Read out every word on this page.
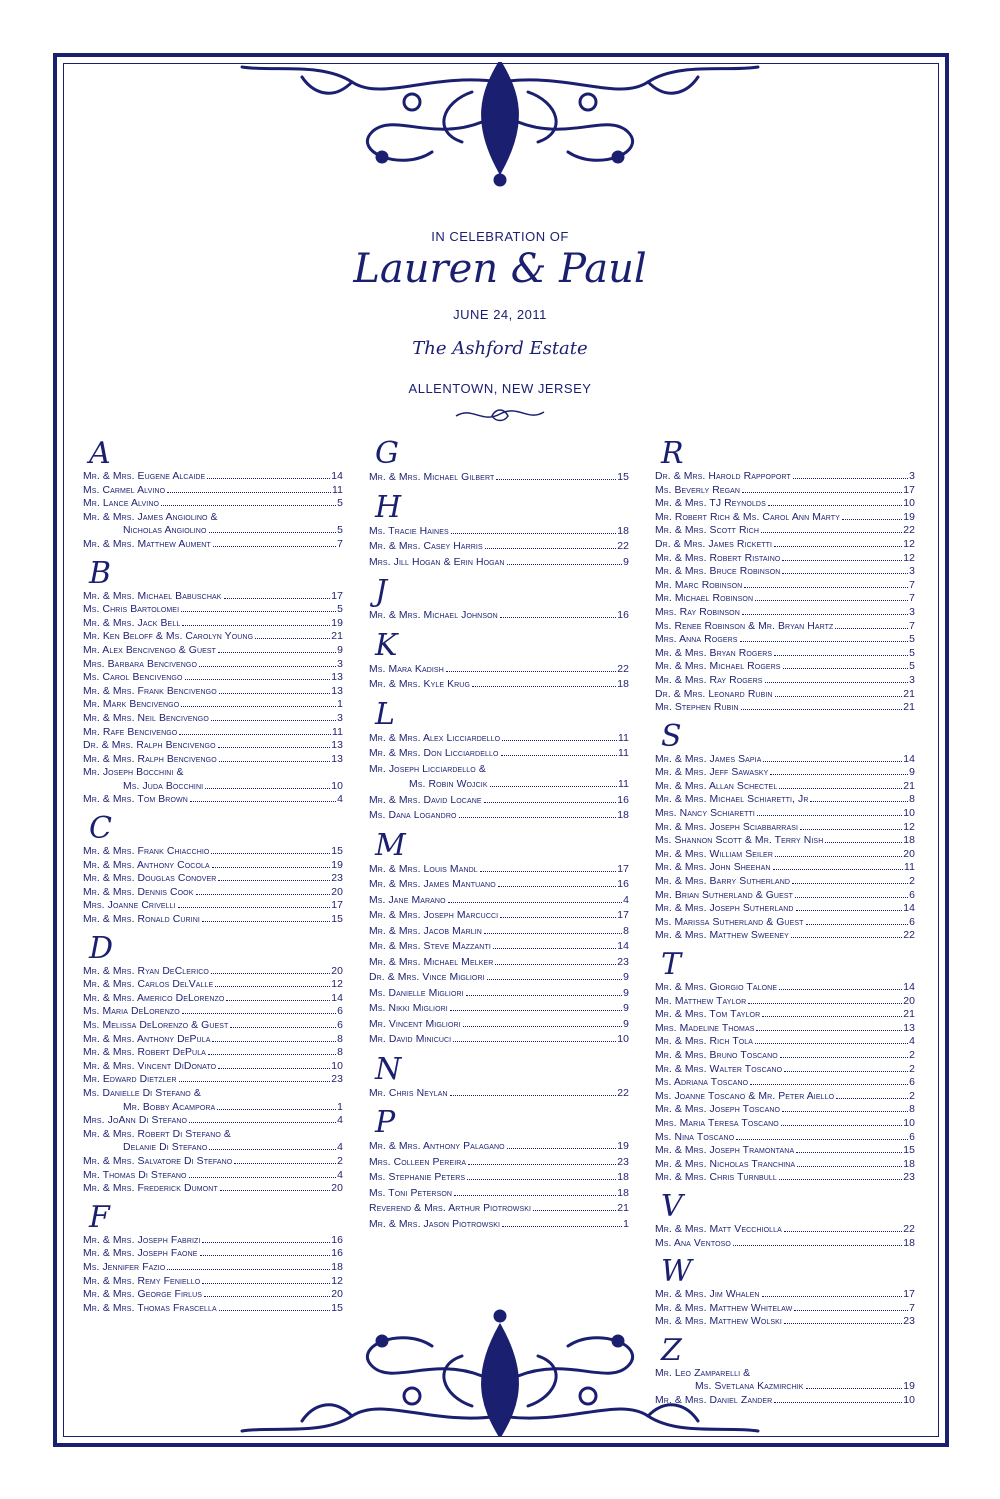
IN CELEBRATION OF
Lauren & Paul
JUNE 24, 2011
The Ashford Estate
ALLENTOWN, NEW JERSEY
A
Mr. & Mrs. Eugene Alcaide	14
Ms. Carmel Alvino	11
Mr. Lance Alvino	5
Mr. & Mrs. James Angiolino &
Nicholas Angiolino	5
Mr. & Mrs. Matthew Aument	7
B
Mr. & Mrs. Michael Babuschak	17
Ms. Chris Bartolomei	5
Mr. & Mrs. Jack Bell	19
Mr. Ken Beloff & Ms. Carolyn Young	21
Mr. Alex Bencivengo & Guest	9
Mrs. Barbara Bencivengo	3
Ms. Carol Bencivengo	13
Mr. & Mrs. Frank Bencivengo	13
Mr. Mark Bencivengo	1
Mr. & Mrs. Neil Bencivengo	3
Mr. Rafe Bencivengo	11
Dr. & Mrs. Ralph Bencivengo	13
Mr. & Mrs. Ralph Bencivengo	13
Mr. Joseph Bocchini &
Ms. Juda Bocchini	10
Mr. & Mrs. Tom Brown	4
C
Mr. & Mrs. Frank Chiacchio	15
Mr. & Mrs. Anthony Cocola	19
Mr. & Mrs. Douglas Conover	23
Mr. & Mrs. Dennis Cook	20
Mrs. Joanne Crivelli	17
Mr. & Mrs. Ronald Curini	15
D
Mr. & Mrs. Ryan DeClerico	20
Mr. & Mrs. Carlos DelValle	12
Mr. & Mrs. Americo DeLorenzo	14
Ms. Maria DeLorenzo	6
Ms. Melissa DeLorenzo & Guest	6
Mr. & Mrs. Anthony DePula	8
Mr. & Mrs. Robert DePula	8
Mr. & Mrs. Vincent DiDonato	10
Mr. Edward Dietzler	23
Ms. Danielle Di Stefano &
Mr. Bobby Acampora	1
Mrs. JoAnn Di Stefano	4
Mr. & Mrs. Robert Di Stefano &
Delanie Di Stefano	4
Mr. & Mrs. Salvatore Di Stefano	2
Mr. Thomas Di Stefano	4
Mr. & Mrs. Frederick Dumont	20
F
Mr. & Mrs. Joseph Fabrizi	16
Mr. & Mrs. Joseph Faone	16
Ms. Jennifer Fazio	18
Mr. & Mrs. Remy Feniello	12
Mr. & Mrs. George Firlus	20
Mr. & Mrs. Thomas Frascella	15
G
Mr. & Mrs. Michael Gilbert	15
H
Ms. Tracie Haines	18
Mr. & Mrs. Casey Harris	22
Mrs. Jill Hogan & Erin Hogan	9
J
Mr. & Mrs. Michael Johnson	16
K
Ms. Mara Kadish	22
Mr. & Mrs. Kyle Krug	18
L
Mr. & Mrs. Alex Licciardello	11
Mr. & Mrs. Don Licciardello	11
Mr. Joseph Licciardello &
Ms. Robin Wojcik	11
Mr. & Mrs. David Locane	16
Ms. Dana Logandro	18
M
Mr. & Mrs. Louis Mandl	17
Mr. & Mrs. James Mantuano	16
Ms. Jane Marano	4
Mr. & Mrs. Joseph Marcucci	17
Mr. & Mrs. Jacob Marlin	8
Mr. & Mrs. Steve Mazzanti	14
Mr. & Mrs. Michael Melker	23
Dr. & Mrs. Vince Migliori	9
Ms. Danielle Migliori	9
Ms. Nikki Migliori	9
Mr. Vincent Migliori	9
Mr. David Minicuci	10
N
Mr. Chris Neylan	22
P
Mr. & Mrs. Anthony Palagano	19
Mrs. Colleen Pereira	23
Ms. Stephanie Peters	18
Ms. Toni Peterson	18
Reverend & Mrs. Arthur Piotrowski	21
Mr. & Mrs. Jason Piotrowski	1
R
Dr. & Mrs. Harold Rappoport	3
Ms. Beverly Regan	17
Mr. & Mrs. TJ Reynolds	10
Mr. Robert Rich & Ms. Carol Ann Marty	19
Mr. & Mrs. Scott Rich	22
Dr. & Mrs. James Ricketti	12
Mr. & Mrs. Robert Ristaino	12
Mr. & Mrs. Bruce Robinson	3
Mr. Marc Robinson	7
Mr. Michael Robinson	7
Mrs. Ray Robinson	3
Ms. Renee Robinson & Mr. Bryan Hartz	7
Mrs. Anna Rogers	5
Mr. & Mrs. Bryan Rogers	5
Mr. & Mrs. Michael Rogers	5
Mr. & Mrs. Ray Rogers	3
Dr. & Mrs. Leonard Rubin	21
Mr. Stephen Rubin	21
S
Mr. & Mrs. James Sapia	14
Mr. & Mrs. Jeff Sawasky	9
Mr. & Mrs. Allan Schectel	21
Mr. & Mrs. Michael Schiaretti, Jr	8
Mrs. Nancy Schiaretti	10
Mr. & Mrs. Joseph Sciabbarrasi	12
Ms. Shannon Scott & Mr. Terry Nish	18
Mr. & Mrs. William Seiler	20
Mr. & Mrs. John Sheehan	11
Mr. & Mrs. Barry Sutherland	2
Mr. Brian Sutherland & Guest	6
Mr. & Mrs. Joseph Sutherland	14
Ms. Marissa Sutherland & Guest	6
Mr. & Mrs. Matthew Sweeney	22
T
Mr. & Mrs. Giorgio Talone	14
Mr. Matthew Taylor	20
Mr. & Mrs. Tom Taylor	21
Mrs. Madeline Thomas	13
Mr. & Mrs. Rich Tola	4
Mr. & Mrs. Bruno Toscano	2
Mr. & Mrs. Walter Toscano	2
Ms. Adriana Toscano	6
Ms. Joanne Toscano & Mr. Peter Aiello	2
Mr. & Mrs. Joseph Toscano	8
Mrs. Maria Teresa Toscano	10
Ms. Nina Toscano	6
Mr. & Mrs. Joseph Tramontana	15
Mr. & Mrs. Nicholas Tranchina	18
Mr. & Mrs. Chris Turnbull	23
V
Mr. & Mrs. Matt Vecchiolla	22
Ms. Ana Ventoso	18
W
Mr. & Mrs. Jim Whalen	17
Mr. & Mrs. Matthew Whitelaw	7
Mr. & Mrs. Matthew Wolski	23
Z
Mr. Leo Zamparelli &
Ms. Svetlana Kazmirchik	19
Mr. & Mrs. Daniel Zander	10
